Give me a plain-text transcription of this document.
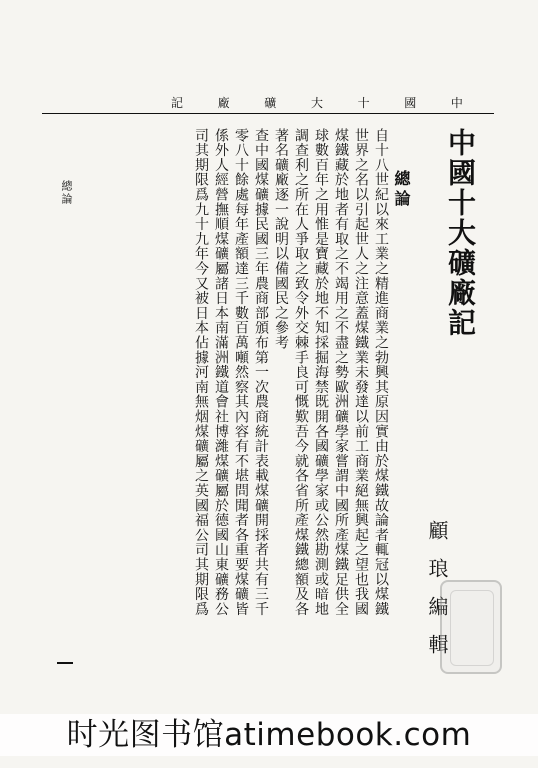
記	廠	礦	大	十	國	中
中國十大礦廠記
顧琅編輯
總論
自十八世紀以來工業之精進商業之勃興其原因實由於煤鐵故論者輒冠以煤鐵
世界之名以引起世人之注意蓋煤鐵業未發達以前工商業絕無興起之望也我國
煤鐵藏於地者有取之不竭用之不盡之勢歐洲礦學家嘗謂中國所產煤鐵足供全
球數百年之用惟是寶藏於地不知採掘海禁既開各國礦學家或公然勘測或暗地
調查利之所在人爭取之致令外交棘手良可慨歎吾今就各省所產煤鐵總額及各
著名礦廠逐一說明以備國民之參考
查中國煤礦據民國三年農商部頒布第一次農商統計表載煤礦開採者共有三千
零八十餘處每年產額達三千數百萬噸然察其內容有不堪問聞者各重要煤礦皆
係外人經營撫順煤礦屬諸日本南滿洲鐵道會社博濰煤礦屬於德國山東礦務公
司其期限爲九十九年今又被日本佔據河南無烟煤礦屬之英國福公司其期限爲
總論
时光图书馆atimebook.com
